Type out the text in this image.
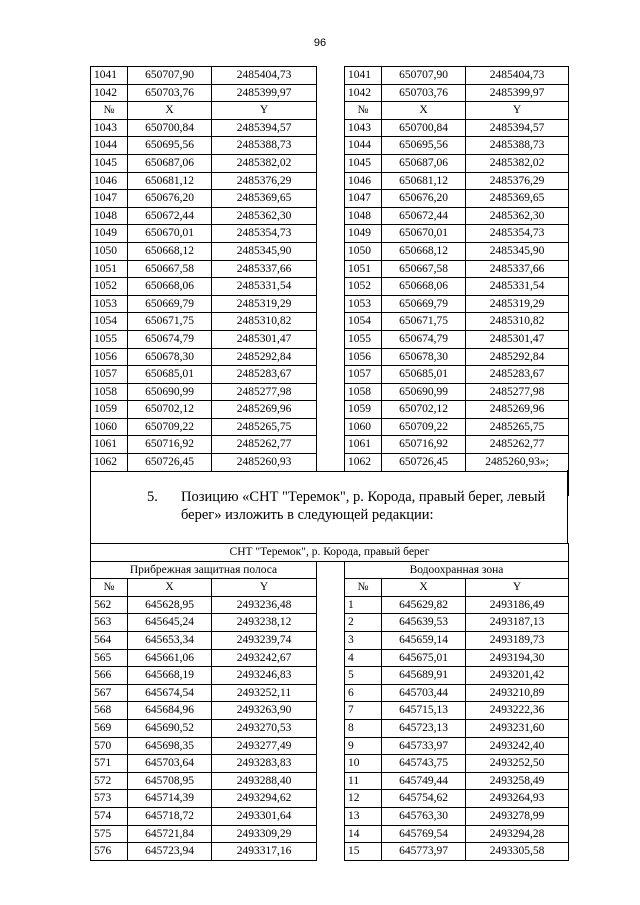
96
1041	650707,90	2485404,73		1041	650707,90	2485404,73
1042	650703,76	2485399,97		1042	650703,76	2485399,97
№	X	Y		№	X	Y
1043	650700,84	2485394,57		1043	650700,84	2485394,57
1044	650695,56	2485388,73		1044	650695,56	2485388,73
1045	650687,06	2485382,02		1045	650687,06	2485382,02
1046	650681,12	2485376,29		1046	650681,12	2485376,29
1047	650676,20	2485369,65		1047	650676,20	2485369,65
1048	650672,44	2485362,30		1048	650672,44	2485362,30
1049	650670,01	2485354,73		1049	650670,01	2485354,73
1050	650668,12	2485345,90		1050	650668,12	2485345,90
1051	650667,58	2485337,66		1051	650667,58	2485337,66
1052	650668,06	2485331,54		1052	650668,06	2485331,54
1053	650669,79	2485319,29		1053	650669,79	2485319,29
1054	650671,75	2485310,82		1054	650671,75	2485310,82
1055	650674,79	2485301,47		1055	650674,79	2485301,47
1056	650678,30	2485292,84		1056	650678,30	2485292,84
1057	650685,01	2485283,67		1057	650685,01	2485283,67
1058	650690,99	2485277,98		1058	650690,99	2485277,98
1059	650702,12	2485269,96		1059	650702,12	2485269,96
1060	650709,22	2485265,75		1060	650709,22	2485265,75
1061	650716,92	2485262,77		1061	650716,92	2485262,77
1062	650726,45	2485260,93		1062	650726,45	2485260,93»;

5. Позицию «СНТ "Теремок", р. Корода, правый берег, левый
берег» изложить в следующей редакции:
СНТ "Теремок", р. Корода, правый берег						
Прибрежная защитная полоса				Водоохранная зона		
№	X	Y		№	X	Y
562	645628,95	2493236,48		1	645629,82	2493186,49
563	645645,24	2493238,12		2	645639,53	2493187,13
564	645653,34	2493239,74		3	645659,14	2493189,73
565	645661,06	2493242,67		4	645675,01	2493194,30
566	645668,19	2493246,83		5	645689,91	2493201,42
567	645674,54	2493252,11		6	645703,44	2493210,89
568	645684,96	2493263,90		7	645715,13	2493222,36
569	645690,52	2493270,53		8	645723,13	2493231,60
570	645698,35	2493277,49		9	645733,97	2493242,40
571	645703,64	2493283,83		10	645743,75	2493252,50
572	645708,95	2493288,40		11	645749,44	2493258,49
573	645714,39	2493294,62		12	645754,62	2493264,93
574	645718,72	2493301,64		13	645763,30	2493278,99
575	645721,84	2493309,29		14	645769,54	2493294,28
576	645723,94	2493317,16		15	645773,97	2493305,58
